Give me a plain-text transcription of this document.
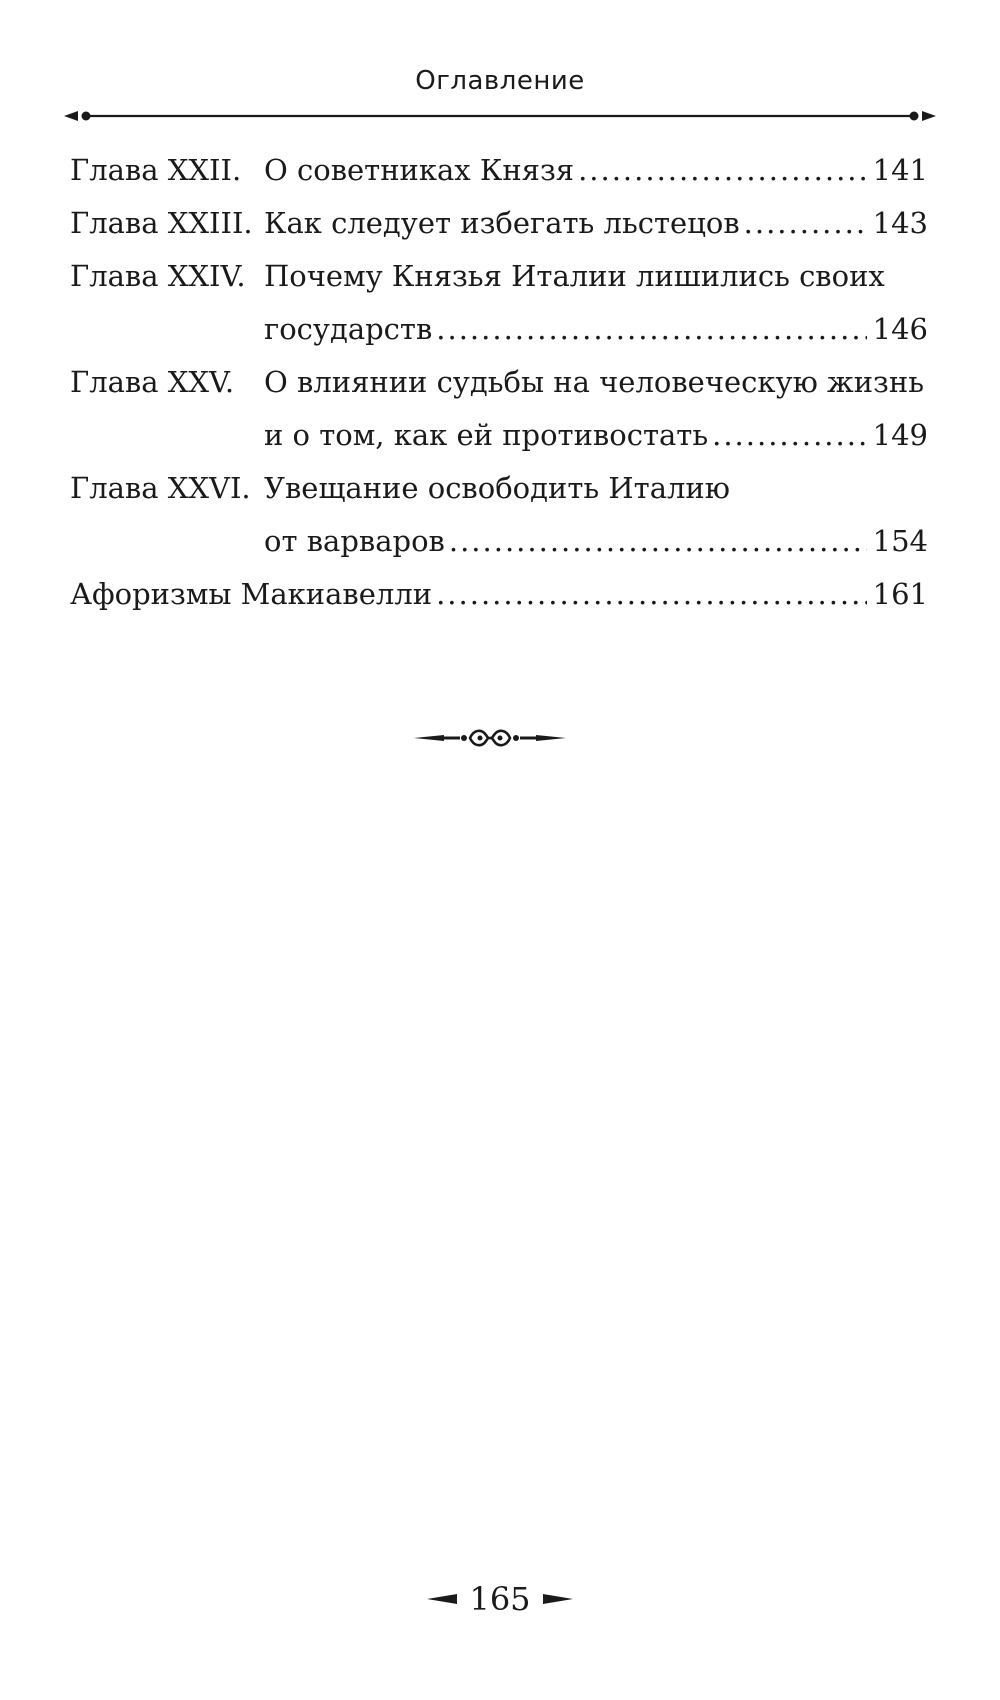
Оглавление
Глава XXII. О советниках Князя .....	141
Глава XXIII. Как следует избегать льстецов .....	143
Глава XXIV. Почему Князья Италии лишились своих
государств .....	146
Глава XXV.	О влиянии судьбы на человеческую жизнь
и о том, как ей противостать .....	149
Глава XXVI. Увещание освободить Италию
от варваров .....	154
Афоризмы Макиавелли .....	161
165
